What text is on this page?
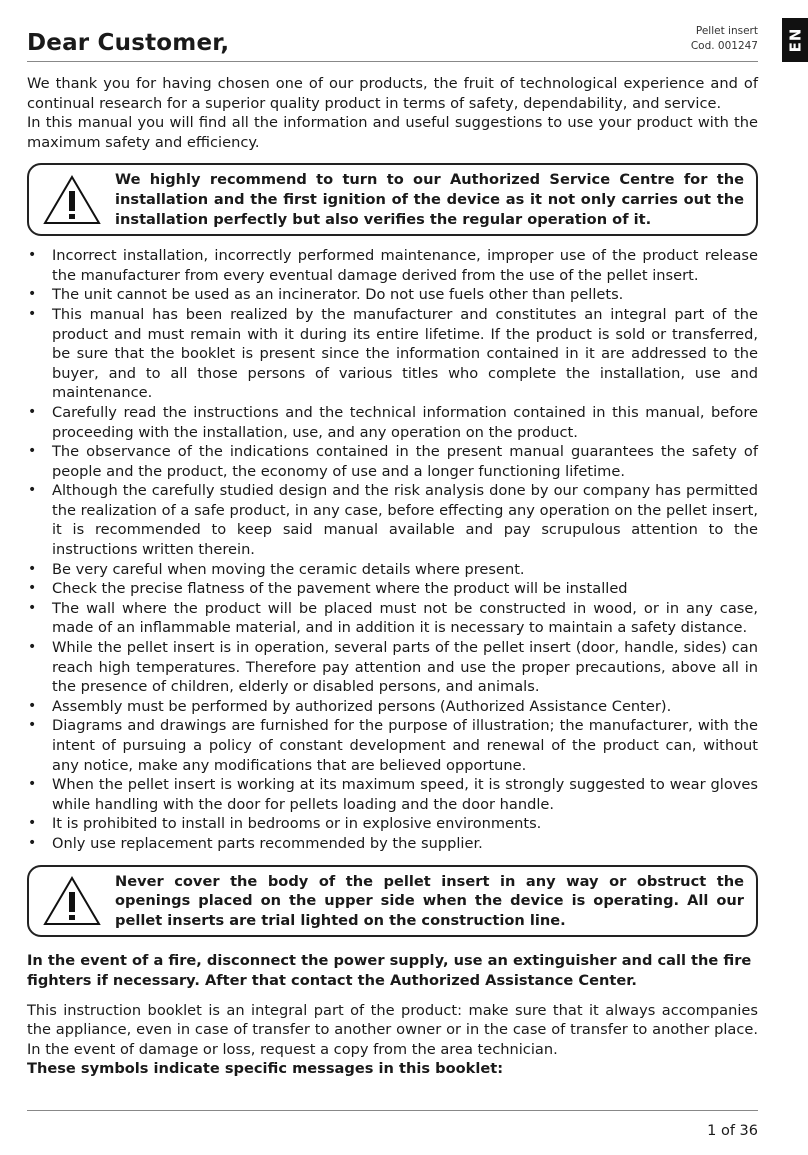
Dear Customer,	Pellet insert
Cod. 001247 EN

We thank you for having chosen one of our products, the fruit of technological experience and of continual research for a superior quality product in terms of safety, dependability, and service.

In this manual you will find all the information and useful suggestions to use your product with the maximum safety and efficiency.

We highly recommend to turn to our Authorized Service Centre for the installation and the first ignition of the device as it not only carries out the installation perfectly but also verifies the regular operation of it.
• Incorrect installation, incorrectly performed maintenance, improper use of the product release the manufacturer from every eventual damage derived from the use of the pellet insert.
• The unit cannot be used as an incinerator. Do not use fuels other than pellets.
• This manual has been realized by the manufacturer and constitutes an integral part of the product and must remain with it during its entire lifetime. If the product is sold or transferred, be sure that the booklet is present since the information contained in it are addressed to the buyer, and to all those persons of various titles who complete the installation, use and maintenance.
• Carefully read the instructions and the technical information contained in this manual, before proceeding with the installation, use, and any operation on the product.
• The observance of the indications contained in the present manual guarantees the safety of people and the product, the economy of use and a longer functioning lifetime.
• Although the carefully studied design and the risk analysis done by our company has permitted the realization of a safe product, in any case, before effecting any operation on the pellet insert, it is recommended to keep said manual available and pay scrupulous attention to the instructions written therein.
• Be very careful when moving the ceramic details where present.
• Check the precise flatness of the pavement where the product will be installed
• The wall where the product will be placed must not be constructed in wood, or in any case, made of an inflammable material, and in addition it is necessary to maintain a safety distance.
• While the pellet insert is in operation, several parts of the pellet insert (door, handle, sides) can reach high temperatures. Therefore pay attention and use the proper precautions, above all in the presence of children, elderly or disabled persons, and animals.
• Assembly must be performed by authorized persons (Authorized Assistance Center).
• Diagrams and drawings are furnished for the purpose of illustration; the manufacturer, with the intent of pursuing a policy of constant development and renewal of the product can, without any notice, make any modifications that are believed opportune.
• When the pellet insert is working at its maximum speed, it is strongly suggested to wear gloves while handling with the door for pellets loading and the door handle.
• It is prohibited to install in bedrooms or in explosive environments.
• Only use replacement parts recommended by the supplier.
Never cover the body of the pellet insert in any way or obstruct the openings placed on the upper side when the device is operating. All our pellet inserts are trial lighted on the construction line.

In the event of a fire, disconnect the power supply, use an extinguisher and call the fire fighters if necessary. After that contact the Authorized Assistance Center.

This instruction booklet is an integral part of the product: make sure that it always accompanies the appliance, even in case of transfer to another owner or in the case of transfer to another place. In the event of damage or loss, request a copy from the area technician.

These symbols indicate specific messages in this booklet:

1 of 36
